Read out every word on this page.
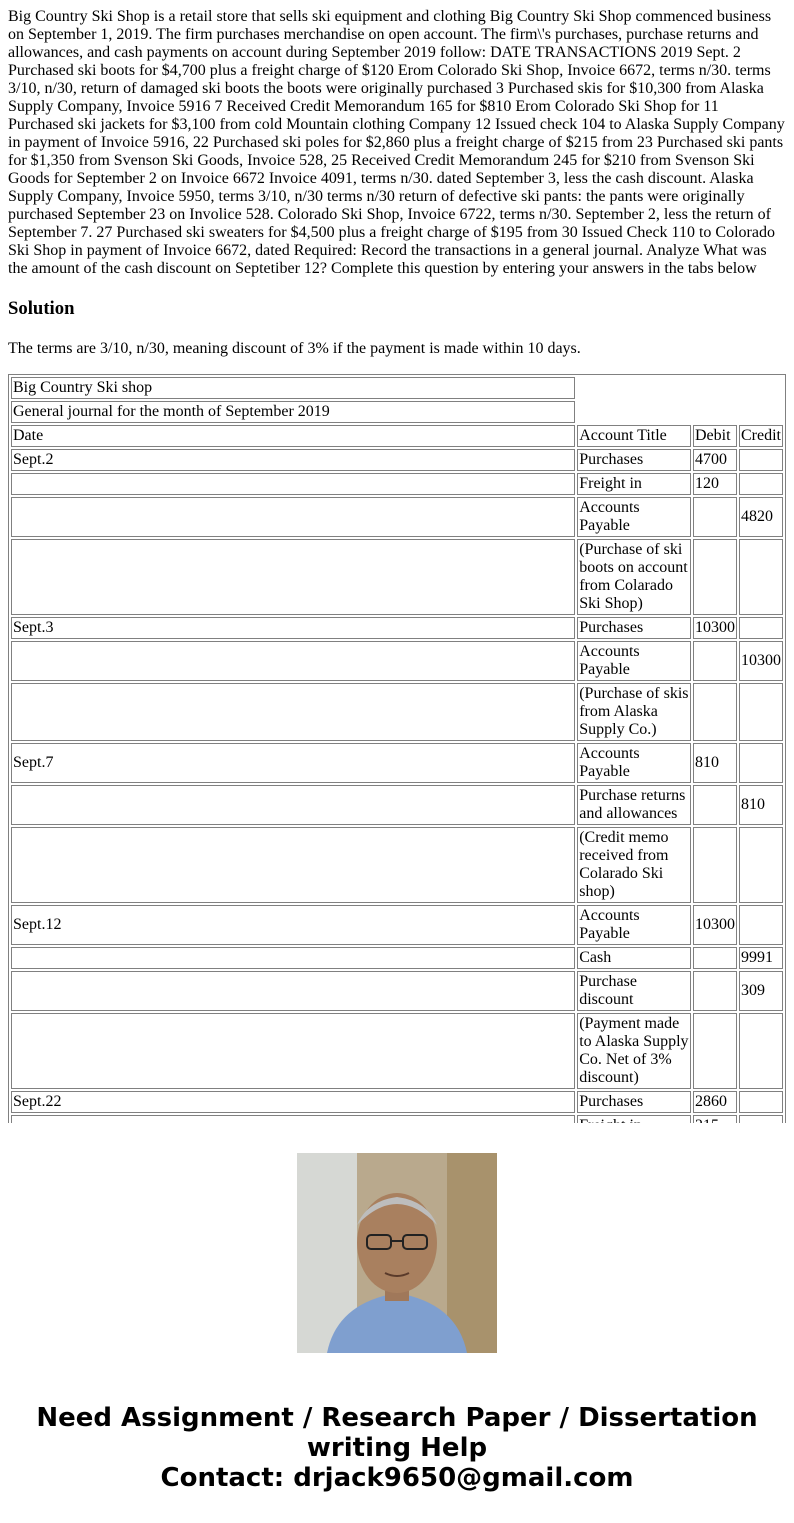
Big Country Ski Shop is a retail store that sells ski equipment and clothing Big Country Ski Shop commenced business on September 1, 2019. The firm purchases merchandise on open account. The firm\'s purchases, purchase returns and allowances, and cash payments on account during September 2019 follow: DATE TRANSACTIONS 2019 Sept. 2 Purchased ski boots for $4,700 plus a freight charge of $120 Erom Colorado Ski Shop, Invoice 6672, terms n/30. terms 3/10, n/30, return of damaged ski boots the boots were originally purchased 3 Purchased skis for $10,300 from Alaska Supply Company, Invoice 5916 7 Received Credit Memorandum 165 for $810 Erom Colorado Ski Shop for 11 Purchased ski jackets for $3,100 from cold Mountain clothing Company 12 Issued check 104 to Alaska Supply Company in payment of Invoice 5916, 22 Purchased ski poles for $2,860 plus a freight charge of $215 from 23 Purchased ski pants for $1,350 from Svenson Ski Goods, Invoice 528, 25 Received Credit Memorandum 245 for $210 from Svenson Ski Goods for September 2 on Invoice 6672 Invoice 4091, terms n/30. dated September 3, less the cash discount. Alaska Supply Company, Invoice 5950, terms 3/10, n/30 terms n/30 return of defective ski pants: the pants were originally purchased September 23 on Involice 528. Colorado Ski Shop, Invoice 6722, terms n/30. September 2, less the return of September 7. 27 Purchased ski sweaters for $4,500 plus a freight charge of $195 from 30 Issued Check 110 to Colorado Ski Shop in payment of Invoice 6672, dated Required: Record the transactions in a general journal. Analyze What was the amount of the cash discount on Septetiber 12? Complete this question by entering your answers in the tabs below

Solution

The terms are 3/10, n/30, meaning discount of 3% if the payment is made within 10 days.

Big Country Ski shop			
General journal for the month of September 2019			
Date	Account Title	Debit	Credit
Sept.2	Purchases	4700	
	Freight in	120	
	Accounts Payable		4820
	(Purchase of ski boots on account from Colarado Ski Shop)		
Sept.3	Purchases	10300	
	Accounts Payable		10300
	(Purchase of skis from Alaska Supply Co.)		
Sept.7	Accounts Payable	810	
	Purchase returns and allowances		810
	(Credit memo received from Colarado Ski shop)		
Sept.12	Accounts Payable	10300	
	Cash		9991
	Purchase discount		309
	(Payment made to Alaska Supply Co. Net of 3% discount)		
Sept.22	Purchases	2860	

Need Assignment / Research Paper / Dissertation
writing Help
Contact: drjack9650@gmail.com
